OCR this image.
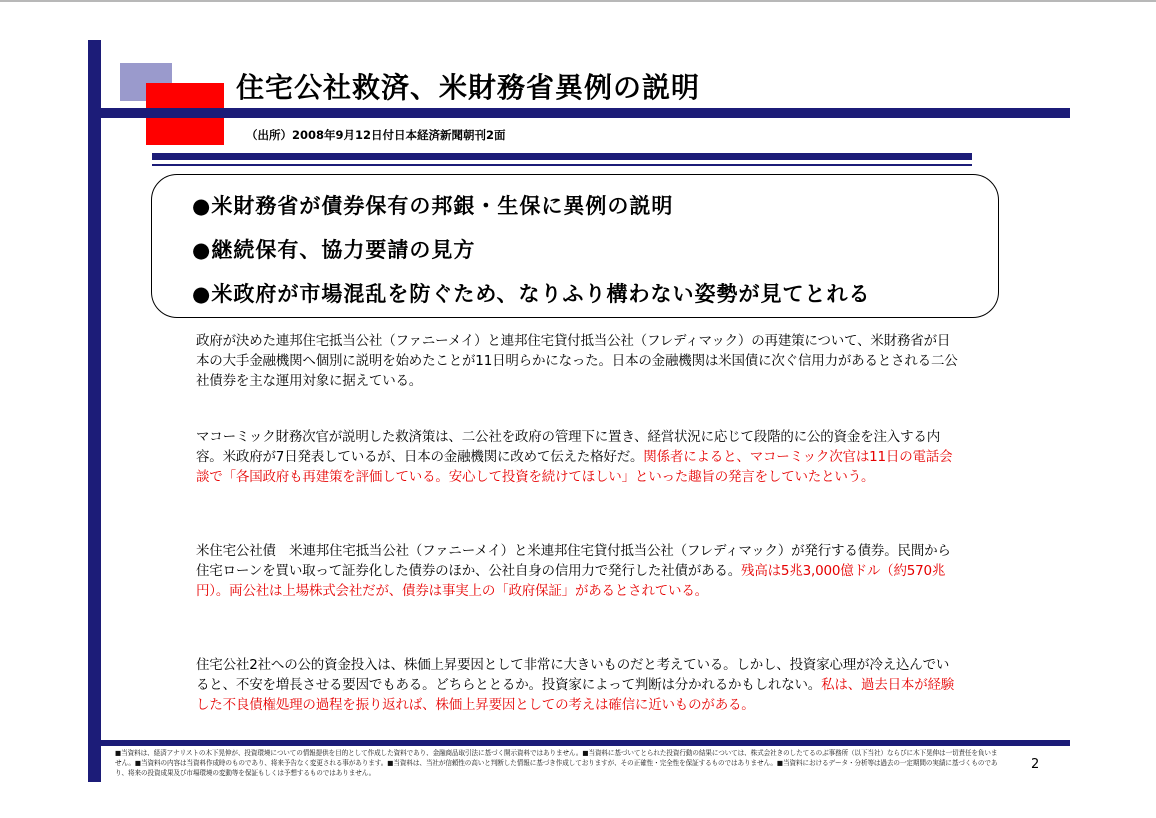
住宅公社救済、米財務省異例の説明
（出所）2008年9月12日付日本経済新聞朝刊2面

●米財務省が債券保有の邦銀・生保に異例の説明

●継続保有、協力要請の見方

●米政府が市場混乱を防ぐため、なりふり構わない姿勢が見てとれる

政府が決めた連邦住宅抵当公社（ファニーメイ）と連邦住宅貸付抵当公社（フレディマック）の再建策について、米財務省が日本の大手金融機関へ個別に説明を始めたことが11日明らかになった。日本の金融機関は米国債に次ぐ信用力があるとされる二公社債券を主な運用対象に据えている。

マコーミック財務次官が説明した救済策は、二公社を政府の管理下に置き、経営状況に応じて段階的に公的資金を注入する内容。米政府が7日発表しているが、日本の金融機関に改めて伝えた格好だ。関係者によると、マコーミック次官は11日の電話会談で「各国政府も再建策を評価している。安心して投資を続けてほしい」といった趣旨の発言をしていたという。

米住宅公社債　米連邦住宅抵当公社（ファニーメイ）と米連邦住宅貸付抵当公社（フレディマック）が発行する債券。民間から住宅ローンを買い取って証券化した債券のほか、公社自身の信用力で発行した社債がある。残高は5兆3,000億ドル（約570兆円）。両公社は上場株式会社だが、債券は事実上の「政府保証」があるとされている。

住宅公社2社への公的資金投入は、株価上昇要因として非常に大きいものだと考えている。しかし、投資家心理が冷え込んでいると、不安を増長させる要因でもある。どちらととるか。投資家によって判断は分かれるかもしれない。私は、過去日本が経験した不良債権処理の過程を振り返れば、株価上昇要因としての考えは確信に近いものがある。

■当資料は、経済アナリストの木下晃伸が、投資環境についての情報提供を目的として作成した資料であり、金融商品取引法に基づく開示資料ではありません。■当資料に基づいてとられた投資行動の結果については、株式会社きのしたてるのぶ事務所（以下当社）ならびに木下晃伸は一切責任を負いません。■当資料の内容は当資料作成時のものであり、将来予告なく変更される事があります。■当資料は、当社が信頼性の高いと判断した情報に基づき作成しておりますが、その正確性・完全性を保証するものではありません。■当資料におけるデータ・分析等は過去の一定期間の実績に基づくものであり、将来の投資成果及び市場環境の変動等を保証もしくは予想するものではありません。

2
